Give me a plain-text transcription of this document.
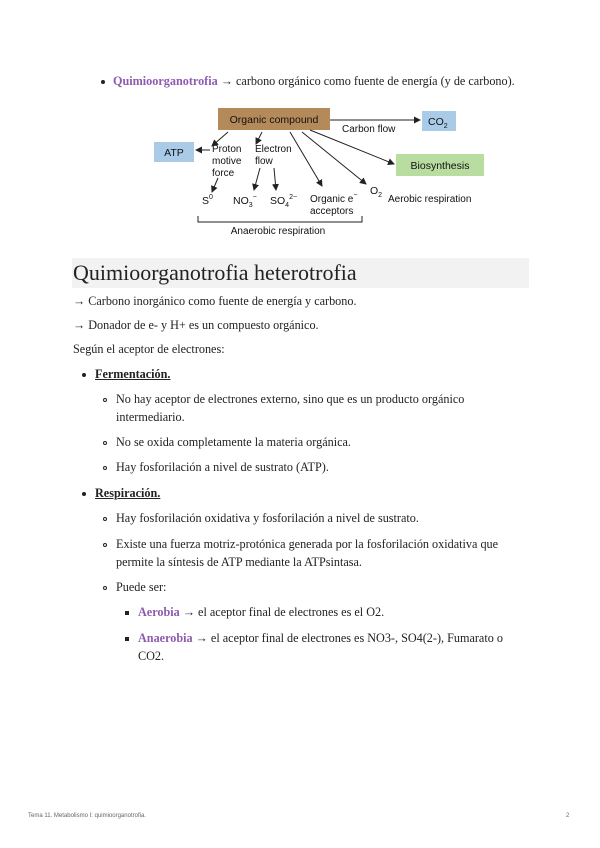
Quimioorganotrofia → carbono orgánico como fuente de energía (y de carbono).
Organic compound	$CO_2$
Carbon flow
ATP	Proton
motive
force
Electron
flow	Biosynthesis
$S^0$ $NO_3^-$ $SO_4^{2-}$ Organic e−
acceptors
$O_2$ Aerobic respiration
Anaerobic respiration
Quimioorganotrofia heterotrofia
→ Carbono inorgánico como fuente de energía y carbono.
→ Donador de e- y H+ es un compuesto orgánico.
Según el aceptor de electrones:
Fermentación.
No hay aceptor de electrones externo, sino que es un producto orgánico
intermediario.
No se oxida completamente la materia orgánica.
Hay fosforilación a nivel de sustrato (ATP).
Respiración.
Hay fosforilación oxidativa y fosforilación a nivel de sustrato.
Existe una fuerza motriz-protónica generada por la fosforilación oxidativa que
permite la síntesis de ATP mediante la ATPsintasa.
Puede ser:
Aerobia → el aceptor final de electrones es el O2.
Anaerobia → el aceptor final de electrones es NO3-, SO4(2-), Fumarato o
CO2.
Tema 11. Metabolismo I: quimioorganotrofia.	2
